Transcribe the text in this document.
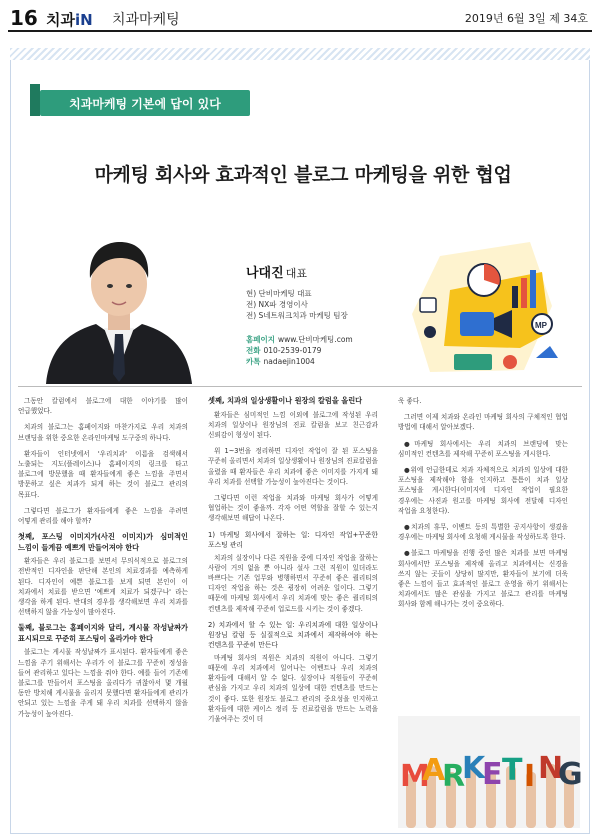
16 치과iN 치과마케팅	2019년 6월 3일 제 34호
치과마케팅 기본에 답이 있다
마케팅 회사와 효과적인 블로그 마케팅을 위한 협업
나대진 대표
현) 단비마케팅 대표
전) NX파 경영이사
전) S네트워크치과 마케팅 팀장
홈페이지 www.단비마케팅.com
전화 010-2539-0179
카톡 nadaejin1004
MP

그동안 칼럼에서 블로그에 대한 이야기를 많이 언급했었다.

치과의 블로그는 홈페이지와 마찬가지로 우리 치과의 브랜딩을 위한 중요한 온라인마케팅 도구중의 하나다.

환자들이 인터넷에서 '우리치과' 이름을 검색해서 노출되는 지도(플레이스)나 홈페이지의 링크를 타고 블로그에 방문했을 때 환자들에게 좋은 느낌을 주면서 방문하고 싶은 치과가 되게 하는 것이 블로그 관리의 목표다.

그렇다면 블로그가 환자들에게 좋은 느낌을 주려면 어떻게 관리를 해야 할까?

첫째, 포스팅 이미지가(사진 이미지)가 심미적인 느낌이 들게끔 예쁘게 만들어져야 한다

환자들은 우리 블로그를 보면서 무의식적으로 블로그의 전반적인 디자인을 판단해 본인의 치료경과를 예측하게 된다. 디자인이 예쁜 블로그를 보게 되면 본인이 이 치과에서 치료를 받으면 '예쁘게 치료가 되겠구나' 라는 생각을 하게 된다. 반대의 경우를 생각해보면 우리 치과를 선택하지 않을 가능성이 많아진다.

둘째, 블로그는 홈페이지와 달리, 게시물 작성날짜가 표시되므로 꾸준히 포스팅이 올라가야 한다

블로그는 게시물 작성날짜가 표시된다. 환자들에게 좋은 느낌을 주기 위해서는 우리가 이 블로그를 꾸준히 정성을 들여 관리하고 있다는 느낌을 줘야 한다. 예를 들어 기존에 블로그를 만들어서 포스팅을 올리다가 귀찮아서 몇 개월 동안 방치해 게시물을 올리지 못했다면 환자들에게 관리가 안되고 있는 느낌을 주게 돼 우리 치과를 선택하지 않을 가능성이 높아진다.

셋째, 치과의 일상생활이나 원장의 칼럼을 올린다

환자들은 심미적인 느낌 이외에 블로그에 작성된 우리 치과의 일상이나 원장님의 진료 칼럼을 보고 친근감과 신뢰감이 형성이 된다.

위 1~3번을 정리하면 디자인 작업이 잘 된 포스팅을 꾸준히 올리면서 치과의 일상생활이나 원장님의 진료칼럼을 올렸을 때 환자들은 우리 치과에 좋은 이미지를 가지게 돼 우리 치과를 선택할 가능성이 높아진다는 것이다.

그렇다면 이런 작업을 치과와 마케팅 회사가 어떻게 협업하는 것이 좋을까. 각자 어떤 역할을 잘할 수 있는지 생각해보면 해답이 나온다.

1) 마케팅 회사에서 잘하는 일: 디자인 작업+꾸준한 포스팅 관리

치과의 실장이나 다른 직원을 중에 디자인 작업을 잘하는 사람이 거의 없을 뿐 아니라 설사 그런 직원이 있더라도 바쁘다는 기존 업무와 병행하면서 꾸준히 좋은 퀄리티의 디자인 작업을 하는 것은 굉장히 어려운 일이다. 그렇기 때문에 마케팅 회사에서 우리 치과에 맞는 좋은 퀄리티의 컨텐츠를 제작해 꾸준히 업로드를 시키는 것이 좋겠다.

2) 치과에서 할 수 있는 일: 우리치과에 대한 일상이나 원장님 칼럼 등 실질적으로 치과에서 제작하여야 하는 컨텐츠를 꾸준히 만든다

마케팅 회사의 직원은 치과의 직원이 아니다. 그렇기 때문에 우리 치과에서 일어나는 이벤트나 우리 치과의 환자들에 대해서 알 수 없다. 실장이나 직원들이 꾸준히 관심을 가지고 우리 치과의 일상에 대한 컨텐츠를 만드는 것이 좋다. 또한 원장도 블로그 관리의 중요성을 인지하고 환자들에 대한 케이스 정리 등 진료칼럼을 만드는 노력을 기울여주는 것이 더

욱 좋다.

그러면 이제 치과와 온라인 마케팅 회사의 구체적인 협업 방법에 대해서 알아보겠다.

●마케팅 회사에서는 우리 치과의 브랜딩에 맞는 심미적인 컨텐츠를 제작해 꾸준히 포스팅을 게시한다.

●위에 언급한데로 치과 자체적으로 치과의 일상에 대한 포스팅을 제작해야 함을 인지하고 틈틈이 치과 일상 포스팅을 게시한다(이미지에 디자인 작업이 필요한 경우에는 사진과 원고를 마케팅 회사에 전달해 디자인 작업을 요청한다).

●치과의 휴무, 이벤트 등의 특별한 공지사항이 생겼을 경우에는 마케팅 회사에 요청해 게시물을 작성하도록 한다.

●블로그 마케팅을 진행 중인 많은 치과를 보면 마케팅 회사에서만 포스팅을 제작해 올리고 치과에서는 신경을 쓰지 않는 곳들이 상당히 많지만, 환자들이 보기에 더욱 좋은 느낌이 들고 효과적인 블로그 운영을 하기 위해서는 치과에서도 많은 관심을 가지고 블로그 관리를 마케팅 회사와 함께 해나가는 것이 중요하다.

M
A
R
K
E T I N
G
